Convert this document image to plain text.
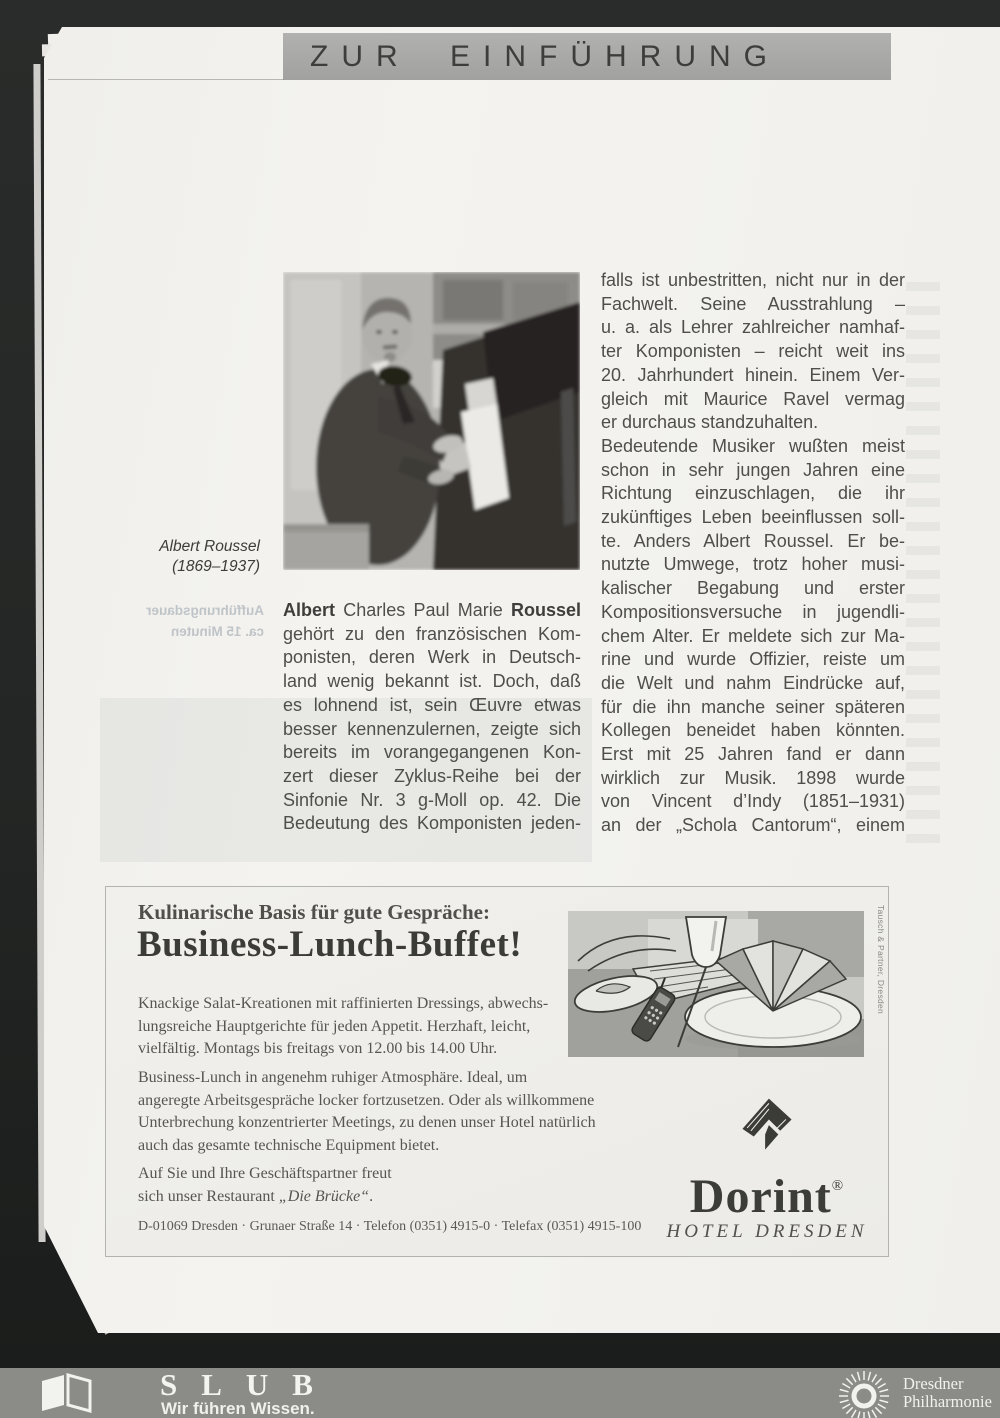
ZUR EINFÜHRUNG
Albert Roussel
(1869–1937)
Aufführungsdauer
ca. 15 Minuten
Albert Charles Paul Marie Roussel
gehört zu den französischen Kom-
ponisten, deren Werk in Deutsch-
land wenig bekannt ist. Doch, daß
es lohnend ist, sein Œuvre etwas
besser kennenzulernen, zeigte sich
bereits im vorangegangenen Kon-
zert dieser Zyklus-Reihe bei der
Sinfonie Nr. 3 g-Moll op. 42. Die
Bedeutung des Komponisten jeden-
falls ist unbestritten, nicht nur in der
Fachwelt. Seine Ausstrahlung –
u. a. als Lehrer zahlreicher namhaf-
ter Komponisten – reicht weit ins
20. Jahrhundert hinein. Einem Ver-
gleich mit Maurice Ravel vermag
er durchaus standzuhalten.
Bedeutende Musiker wußten meist
schon in sehr jungen Jahren eine
Richtung einzuschlagen, die ihr
zukünftiges Leben beeinflussen soll-
te. Anders Albert Roussel. Er be-
nutzte Umwege, trotz hoher musi-
kalischer Begabung und erster
Kompositionsversuche in jugendli-
chem Alter. Er meldete sich zur Ma-
rine und wurde Offizier, reiste um
die Welt und nahm Eindrücke auf,
für die ihn manche seiner späteren
Kollegen beneidet haben könnten.
Erst mit 25 Jahren fand er dann
wirklich zur Musik. 1898 wurde
von Vincent d’Indy (1851–1931)
an der „Schola Cantorum“, einem
Kulinarische Basis für gute Gespräche:
Business-Lunch-Buffet!
Knackige Salat-Kreationen mit raffinierten Dressings, abwechs-
lungsreiche Hauptgerichte für jeden Appetit. Herzhaft, leicht,
vielfältig. Montags bis freitags von 12.00 bis 14.00 Uhr.
Business-Lunch in angenehm ruhiger Atmosphäre. Ideal, um
angeregte Arbeitsgespräche locker fortzusetzen. Oder als willkommene
Unterbrechung konzentrierter Meetings, zu denen unser Hotel natürlich
auch das gesamte technische Equipment bietet.
Auf Sie und Ihre Geschäftspartner freut
sich unser Restaurant „Die Brücke“.
D-01069 Dresden · Grunaer Straße 14 · Telefon (0351) 4915-0 · Telefax (0351) 4915-100
Tausch & Partner, Dresden
Dorint®
HOTEL DRESDEN
SLUB
Wir führen Wissen.
Dresdner
Philharmonie
